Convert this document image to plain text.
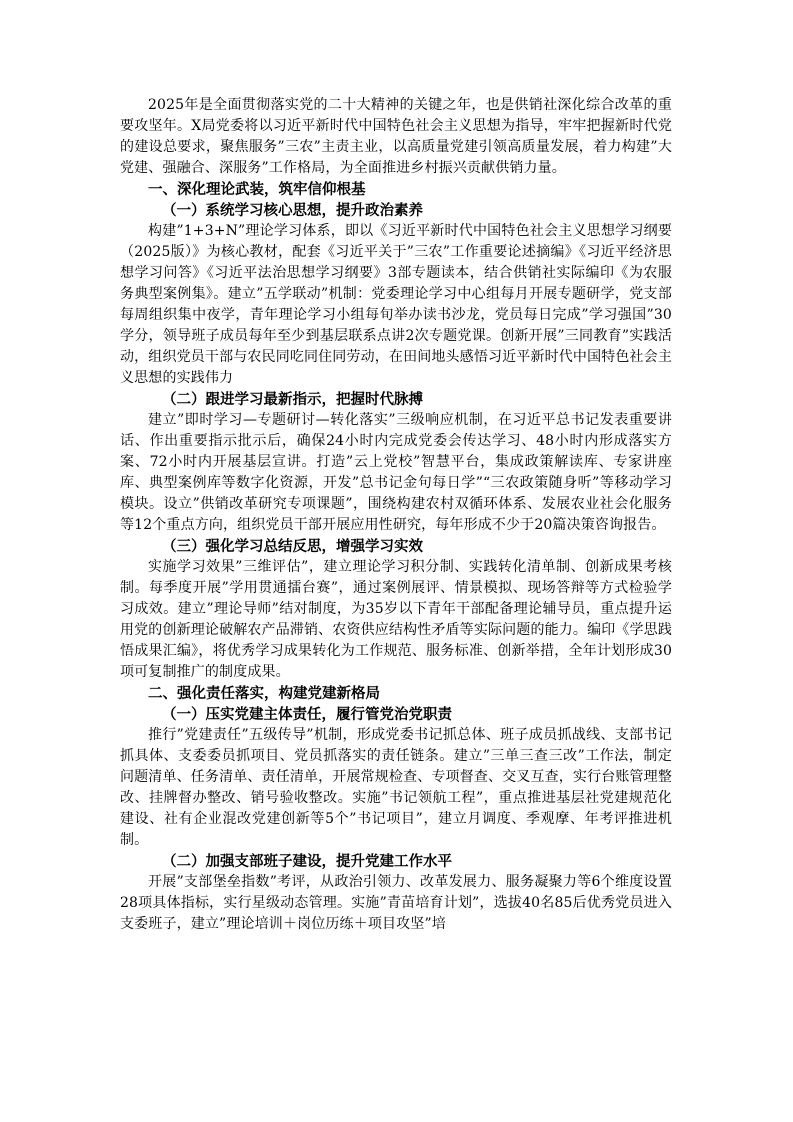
2025年是全面贯彻落实党的二十大精神的关键之年，也是供销社深化综合改革的重要攻坚年。X局党委将以习近平新时代中国特色社会主义思想为指导，牢牢把握新时代党的建设总要求，聚焦服务”三农”主责主业，以高质量党建引领高质量发展，着力构建”大党建、强融合、深服务”工作格局，为全面推进乡村振兴贡献供销力量。

一、深化理论武装，筑牢信仰根基

（一）系统学习核心思想，提升政治素养

构建”1+3+N”理论学习体系，即以《习近平新时代中国特色社会主义思想学习纲要（2025版）》为核心教材，配套《习近平关于”三农”工作重要论述摘编》《习近平经济思想学习问答》《习近平法治思想学习纲要》3部专题读本，结合供销社实际编印《为农服务典型案例集》。建立”五学联动”机制：党委理论学习中心组每月开展专题研学，党支部每周组织集中夜学，青年理论学习小组每旬举办读书沙龙，党员每日完成”学习强国”30学分，领导班子成员每年至少到基层联系点讲2次专题党课。创新开展”三同教育”实践活动，组织党员干部与农民同吃同住同劳动，在田间地头感悟习近平新时代中国特色社会主义思想的实践伟力

（二）跟进学习最新指示，把握时代脉搏

建立”即时学习—专题研讨—转化落实”三级响应机制，在习近平总书记发表重要讲话、作出重要指示批示后，确保24小时内完成党委会传达学习、48小时内形成落实方案、72小时内开展基层宣讲。打造”云上党校”智慧平台，集成政策解读库、专家讲座库、典型案例库等数字化资源，开发”总书记金句每日学”“三农政策随身听”等移动学习模块。设立”供销改革研究专项课题”，围绕构建农村双循环体系、发展农业社会化服务等12个重点方向，组织党员干部开展应用性研究，每年形成不少于20篇决策咨询报告。

（三）强化学习总结反思，增强学习实效

实施学习效果”三维评估”，建立理论学习积分制、实践转化清单制、创新成果考核制。每季度开展”学用贯通擂台赛”，通过案例展评、情景模拟、现场答辩等方式检验学习成效。建立”理论导师”结对制度，为35岁以下青年干部配备理论辅导员，重点提升运用党的创新理论破解农产品滞销、农资供应结构性矛盾等实际问题的能力。编印《学思践悟成果汇编》，将优秀学习成果转化为工作规范、服务标准、创新举措，全年计划形成30项可复制推广的制度成果。

二、强化责任落实，构建党建新格局

（一）压实党建主体责任，履行管党治党职责

推行”党建责任”五级传导”机制，形成党委书记抓总体、班子成员抓战线、支部书记抓具体、支委委员抓项目、党员抓落实的责任链条。建立”三单三查三改”工作法，制定问题清单、任务清单、责任清单，开展常规检查、专项督查、交叉互查，实行台账管理整改、挂牌督办整改、销号验收整改。实施”书记领航工程”，重点推进基层社党建规范化建设、社有企业混改党建创新等5个”书记项目”，建立月调度、季观摩、年考评推进机制。

（二）加强支部班子建设，提升党建工作水平

开展”支部堡垒指数”考评，从政治引领力、改革发展力、服务凝聚力等6个维度设置28项具体指标，实行星级动态管理。实施”青苗培育计划”，选拔40名85后优秀党员进入支委班子，建立”理论培训＋岗位历练＋项目攻坚”培
